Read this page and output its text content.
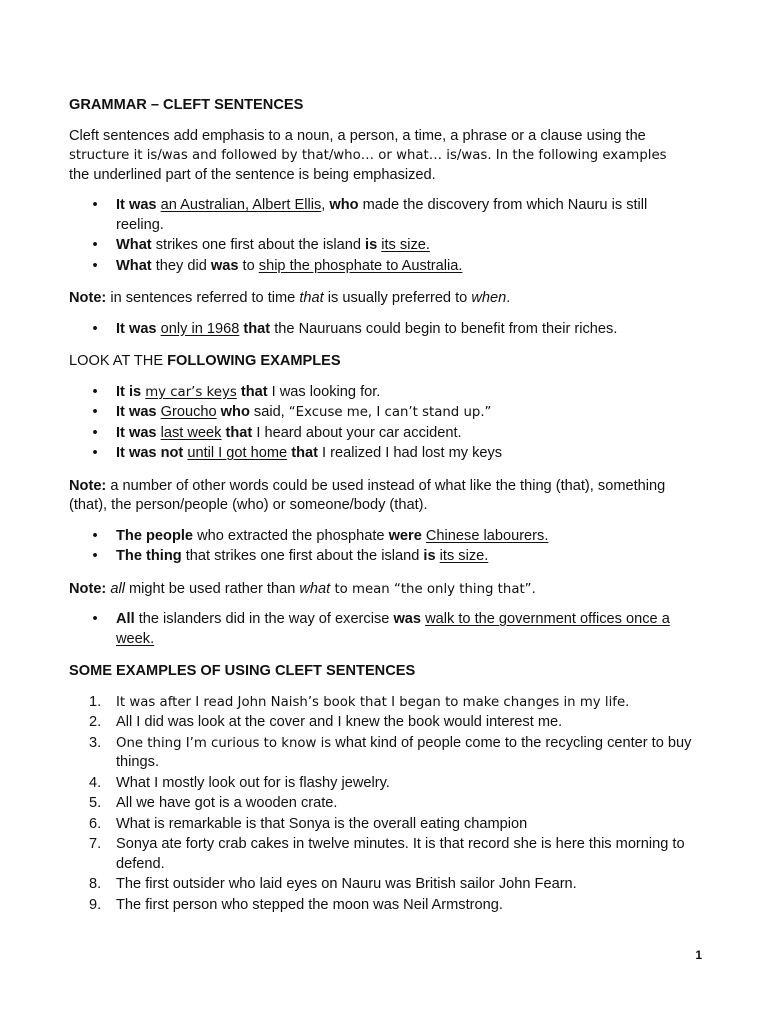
GRAMMAR – CLEFT SENTENCES
Cleft sentences add emphasis to a noun, a person, a time, a phrase or a clause using the
structure it is/was and followed by that/who… or what… is/was. In the following examples
the underlined part of the sentence is being emphasized.
• It was an Australian, Albert Ellis, who made the discovery from which Nauru is still reeling.
• What strikes one first about the island is its size.
• What they did was to ship the phosphate to Australia.
Note: in sentences referred to time that is usually preferred to when.
• It was only in 1968 that the Nauruans could begin to benefit from their riches.
LOOK AT THE FOLLOWING EXAMPLES
• It is my car’s keys that I was looking for.
• It was Groucho who said, “Excuse me, I can’t stand up.”
• It was last week that I heard about your car accident.
• It was not until I got home that I realized I had lost my keys
Note: a number of other words could be used instead of what like the thing (that), something (that), the person/people (who) or someone/body (that).
• The people who extracted the phosphate were Chinese labourers.
• The thing that strikes one first about the island is its size.
Note: all might be used rather than what to mean “the only thing that”.
• All the islanders did in the way of exercise was walk to the government offices once a week.
SOME EXAMPLES OF USING CLEFT SENTENCES
1.	It was after I read John Naish’s book that I began to make changes in my life.
2.	All I did was look at the cover and I knew the book would interest me.
3.	One thing I’m curious to know is what kind of people come to the recycling center to buy things.
4.	What I mostly look out for is flashy jewelry.
5.	All we have got is a wooden crate.
6.	What is remarkable is that Sonya is the overall eating champion
7.	Sonya ate forty crab cakes in twelve minutes. It is that record she is here this morning to defend.
8.	The first outsider who laid eyes on Nauru was British sailor John Fearn.
9.	The first person who stepped the moon was Neil Armstrong.
1
